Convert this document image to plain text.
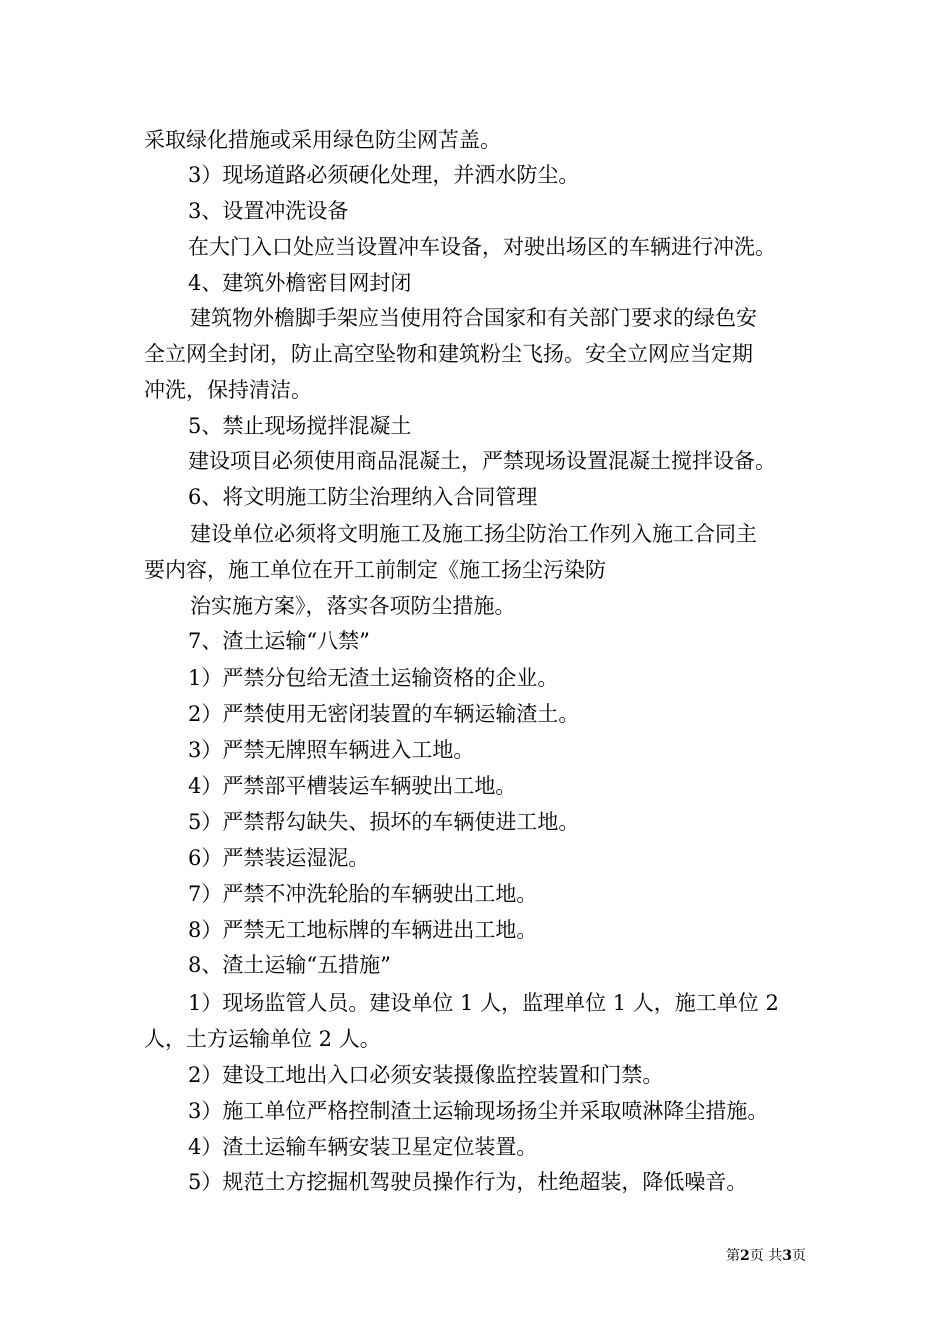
采取绿化措施或采用绿色防尘网苫盖。
3）现场道路必须硬化处理，并洒水防尘。
3、设置冲洗设备
在大门入口处应当设置冲车设备，对驶出场区的车辆进行冲洗。
4、建筑外檐密目网封闭
建筑物外檐脚手架应当使用符合国家和有关部门要求的绿色安
全立网全封闭，防止高空坠物和建筑粉尘飞扬。安全立网应当定期
冲洗，保持清洁。
5、禁止现场搅拌混凝土
建设项目必须使用商品混凝土，严禁现场设置混凝土搅拌设备。
6、将文明施工防尘治理纳入合同管理
建设单位必须将文明施工及施工扬尘防治工作列入施工合同主
要内容，施工单位在开工前制定《施工扬尘污染防
治实施方案》，落实各项防尘措施。
7、渣土运输“八禁”
1）严禁分包给无渣土运输资格的企业。
2）严禁使用无密闭装置的车辆运输渣土。
3）严禁无牌照车辆进入工地。
4）严禁部平槽装运车辆驶出工地。
5）严禁帮勾缺失、损坏的车辆使进工地。
6）严禁装运湿泥。
7）严禁不冲洗轮胎的车辆驶出工地。
8）严禁无工地标牌的车辆进出工地。
8、渣土运输“五措施”
1）现场监管人员。建设单位 1 人，监理单位 1 人，施工单位 2
人，土方运输单位 2 人。
2）建设工地出入口必须安装摄像监控装置和门禁。
3）施工单位严格控制渣土运输现场扬尘并采取喷淋降尘措施。
4）渣土运输车辆安装卫星定位装置。
5）规范土方挖掘机驾驶员操作行为，杜绝超装，降低噪音。
第2页 共3页
